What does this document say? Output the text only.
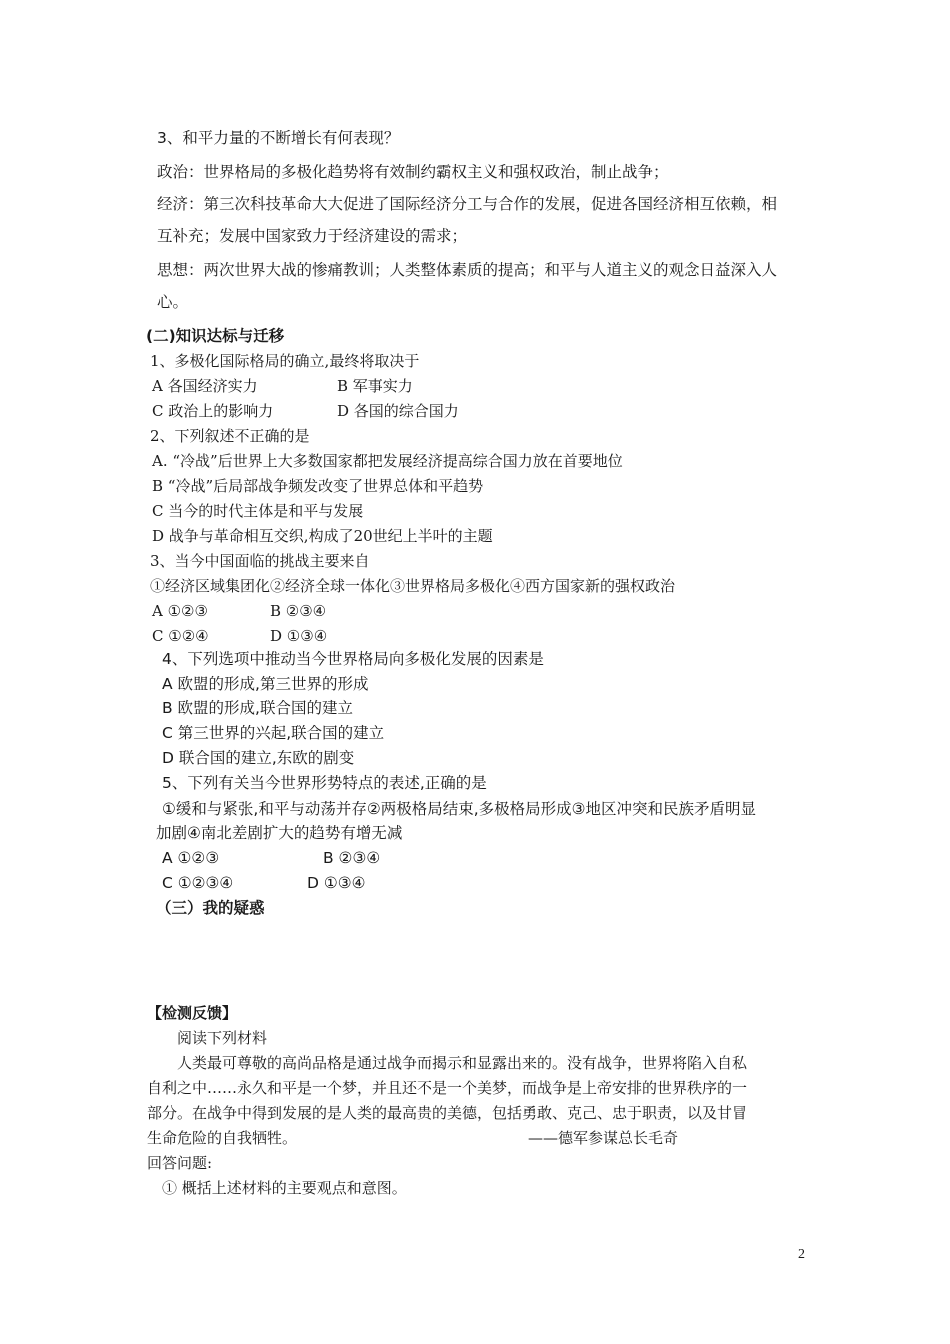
3、和平力量的不断增长有何表现？
政治：世界格局的多极化趋势将有效制约霸权主义和强权政治，制止战争；
经济：第三次科技革命大大促进了国际经济分工与合作的发展，促进各国经济相互依赖，相
互补充；发展中国家致力于经济建设的需求；
思想：两次世界大战的惨痛教训；人类整体素质的提高；和平与人道主义的观念日益深入人
心。
(二)知识达标与迁移
1、多极化国际格局的确立,最终将取决于
A 各国经济实力	B 军事实力
C 政治上的影响力	D 各国的综合国力
2、下列叙述不正确的是
A. “冷战”后世界上大多数国家都把发展经济提高综合国力放在首要地位
B “冷战”后局部战争频发改变了世界总体和平趋势
C 当今的时代主体是和平与发展
D 战争与革命相互交织,构成了20世纪上半叶的主题
3、当今中国面临的挑战主要来自
①经济区域集团化②经济全球一体化③世界格局多极化④西方国家新的强权政治
A ①②③	B ②③④
C ①②④	D ①③④
4、下列选项中推动当今世界格局向多极化发展的因素是
A 欧盟的形成,第三世界的形成
B 欧盟的形成,联合国的建立
C 第三世界的兴起,联合国的建立
D 联合国的建立,东欧的剧变
5、下列有关当今世界形势特点的表述,正确的是
①缓和与紧张,和平与动荡并存②两极格局结束,多极格局形成③地区冲突和民族矛盾明显
加剧④南北差剧扩大的趋势有增无减
A ①②③	B ②③④
C ①②③④	D ①③④
（三）我的疑惑
【检测反馈】
阅读下列材料
人类最可尊敬的高尚品格是通过战争而揭示和显露出来的。没有战争，世界将陷入自私
自利之中……永久和平是一个梦，并且还不是一个美梦，而战争是上帝安排的世界秩序的一
部分。在战争中得到发展的是人类的最高贵的美德，包括勇敢、克己、忠于职责，以及甘冒
生命危险的自我牺牲。	——德军参谋总长毛奇
回答问题:
① 概括上述材料的主要观点和意图。
2
